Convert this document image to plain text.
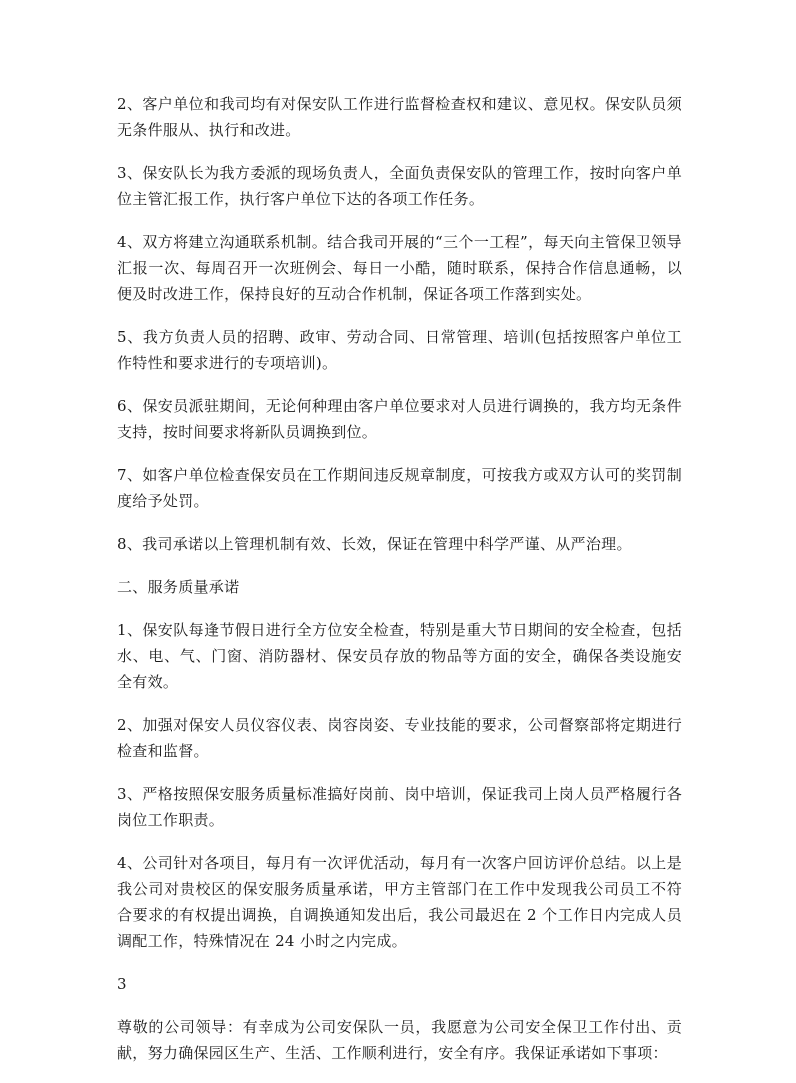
2、客户单位和我司均有对保安队工作进行监督检查权和建议、意见权。保安队员须无条件服从、执行和改进。

3、保安队长为我方委派的现场负责人，全面负责保安队的管理工作，按时向客户单位主管汇报工作，执行客户单位下达的各项工作任务。

4、双方将建立沟通联系机制。结合我司开展的“三个一工程”，每天向主管保卫领导汇报一次、每周召开一次班例会、每日一小酷，随时联系，保持合作信息通畅，以便及时改进工作，保持良好的互动合作机制，保证各项工作落到实处。

5、我方负责人员的招聘、政审、劳动合同、日常管理、培训(包括按照客户单位工作特性和要求进行的专项培训)。

6、保安员派驻期间，无论何种理由客户单位要求对人员进行调换的，我方均无条件支持，按时间要求将新队员调换到位。

7、如客户单位检查保安员在工作期间违反规章制度，可按我方或双方认可的奖罚制度给予处罚。

8、我司承诺以上管理机制有效、长效，保证在管理中科学严谨、从严治理。

二、服务质量承诺

1、保安队每逢节假日进行全方位安全检查，特别是重大节日期间的安全检查，包括水、电、气、门窗、消防器材、保安员存放的物品等方面的安全，确保各类设施安全有效。

2、加强对保安人员仪容仪表、岗容岗姿、专业技能的要求，公司督察部将定期进行检查和监督。

3、严格按照保安服务质量标准搞好岗前、岗中培训，保证我司上岗人员严格履行各岗位工作职责。

4、公司针对各项目，每月有一次评优活动，每月有一次客户回访评价总结。以上是我公司对贵校区的保安服务质量承诺，甲方主管部门在工作中发现我公司员工不符合要求的有权提出调换，自调换通知发出后，我公司最迟在 2 个工作日内完成人员调配工作，特殊情况在 24 小时之内完成。

3

尊敬的公司领导：有幸成为公司安保队一员，我愿意为公司安全保卫工作付出、贡献，努力确保园区生产、生活、工作顺利进行，安全有序。我保证承诺如下事项：
